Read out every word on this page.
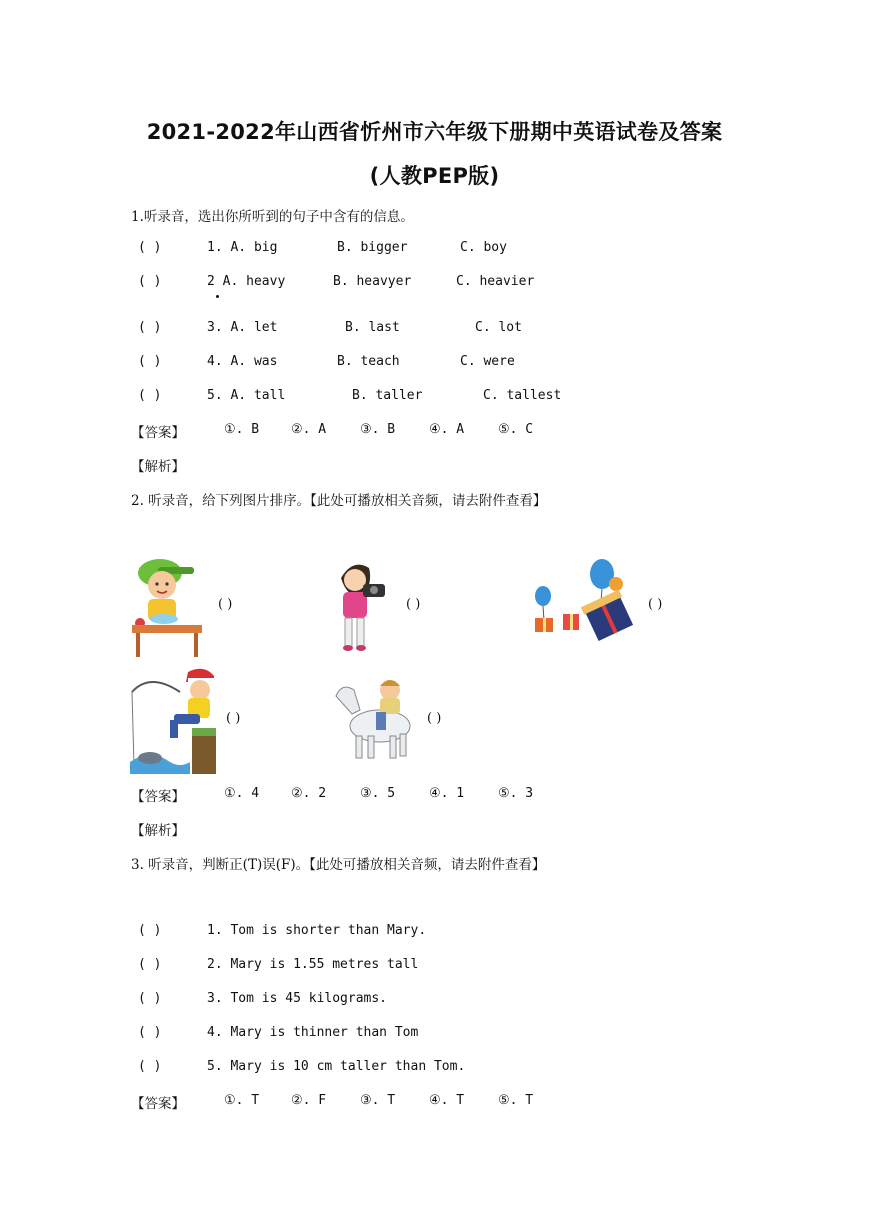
2021-2022年山西省忻州市六年级下册期中英语试卷及答案
(人教PEP版)
1.听录音，选出你所听到的句子中含有的信息。
( )	1. A. big	B. bigger	C. boy
( )	2 A. heavy	B. heavyer	C. heavier
( )	3. A. let	B. last	C. lot
( )	4. A. was	B. teach	C. were
( )	5. A. tall	B. taller	C. tallest
【答案】	①. B ②. A	③. B	④. A	⑤. C
【解析】
2. 听录音，给下列图片排序。【此处可播放相关音频，请去附件查看】
( )	( )	( )
( )	( )
【答案】	①. 4 ②. 2	③. 5	④. 1	⑤. 3
【解析】
3. 听录音，判断正(T)误(F)。【此处可播放相关音频，请去附件查看】
( )	1. Tom is shorter than Mary.
( )	2. Mary is 1.55 metres tall
( )	3. Tom is 45 kilograms.
( )	4. Mary is thinner than Tom
( )	5. Mary is 10 cm taller than Tom.
【答案】	①. T ②. F	③. T	④. T	⑤. T
